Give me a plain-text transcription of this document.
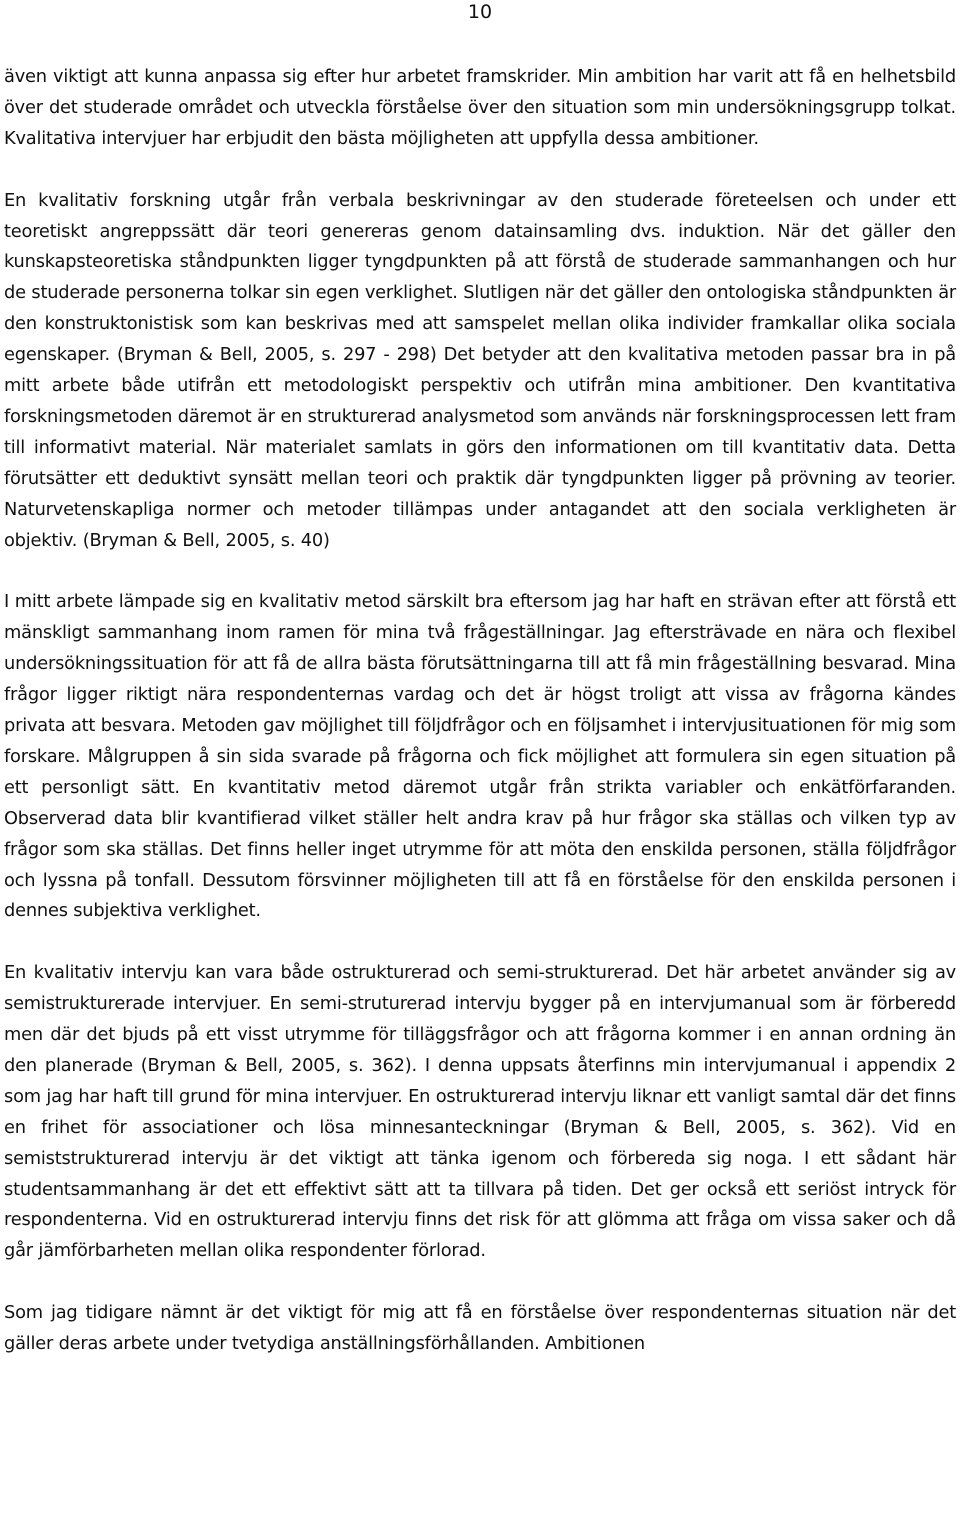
10

även viktigt att kunna anpassa sig efter hur arbetet framskrider. Min ambition har varit att få en helhetsbild över det studerade området och utveckla förståelse över den situation som min undersökningsgrupp tolkat. Kvalitativa intervjuer har erbjudit den bästa möjligheten att uppfylla dessa ambitioner.

En kvalitativ forskning utgår från verbala beskrivningar av den studerade företeelsen och under ett teoretiskt angreppssätt där teori genereras genom datainsamling dvs. induktion. När det gäller den kunskapsteoretiska ståndpunkten ligger tyngdpunkten på att förstå de studerade sammanhangen och hur de studerade personerna tolkar sin egen verklighet. Slutligen när det gäller den ontologiska ståndpunkten är den konstruktonistisk som kan beskrivas med att samspelet mellan olika individer framkallar olika sociala egenskaper. (Bryman & Bell, 2005, s. 297 - 298) Det betyder att den kvalitativa metoden passar bra in på mitt arbete både utifrån ett metodologiskt perspektiv och utifrån mina ambitioner. Den kvantitativa forskningsmetoden däremot är en strukturerad analysmetod som används när forskningsprocessen lett fram till informativt material. När materialet samlats in görs den informationen om till kvantitativ data. Detta förutsätter ett deduktivt synsätt mellan teori och praktik där tyngdpunkten ligger på prövning av teorier. Naturvetenskapliga normer och metoder tillämpas under antagandet att den sociala verkligheten är objektiv. (Bryman & Bell, 2005, s. 40)

I mitt arbete lämpade sig en kvalitativ metod särskilt bra eftersom jag har haft en strävan efter att förstå ett mänskligt sammanhang inom ramen för mina två frågeställningar. Jag eftersträvade en nära och flexibel undersökningssituation för att få de allra bästa förutsättningarna till att få min frågeställning besvarad. Mina frågor ligger riktigt nära respondenternas vardag och det är högst troligt att vissa av frågorna kändes privata att besvara. Metoden gav möjlighet till följdfrågor och en följsamhet i intervjusituationen för mig som forskare. Målgruppen å sin sida svarade på frågorna och fick möjlighet att formulera sin egen situation på ett personligt sätt. En kvantitativ metod däremot utgår från strikta variabler och enkätförfaranden. Observerad data blir kvantifierad vilket ställer helt andra krav på hur frågor ska ställas och vilken typ av frågor som ska ställas. Det finns heller inget utrymme för att möta den enskilda personen, ställa följdfrågor och lyssna på tonfall. Dessutom försvinner möjligheten till att få en förståelse för den enskilda personen i dennes subjektiva verklighet.

En kvalitativ intervju kan vara både ostrukturerad och semi-strukturerad. Det här arbetet använder sig av semistrukturerade intervjuer. En semi-struturerad intervju bygger på en intervjumanual som är förberedd men där det bjuds på ett visst utrymme för tilläggsfrågor och att frågorna kommer i en annan ordning än den planerade (Bryman & Bell, 2005, s. 362). I denna uppsats återfinns min intervjumanual i appendix 2 som jag har haft till grund för mina intervjuer. En ostrukturerad intervju liknar ett vanligt samtal där det finns en frihet för associationer och lösa minnesanteckningar (Bryman & Bell, 2005, s. 362). Vid en semiststrukturerad intervju är det viktigt att tänka igenom och förbereda sig noga. I ett sådant här studentsammanhang är det ett effektivt sätt att ta tillvara på tiden. Det ger också ett seriöst intryck för respondenterna. Vid en ostrukturerad intervju finns det risk för att glömma att fråga om vissa saker och då går jämförbarheten mellan olika respondenter förlorad.

Som jag tidigare nämnt är det viktigt för mig att få en förståelse över respondenternas situation när det gäller deras arbete under tvetydiga anställningsförhållanden. Ambitionen
